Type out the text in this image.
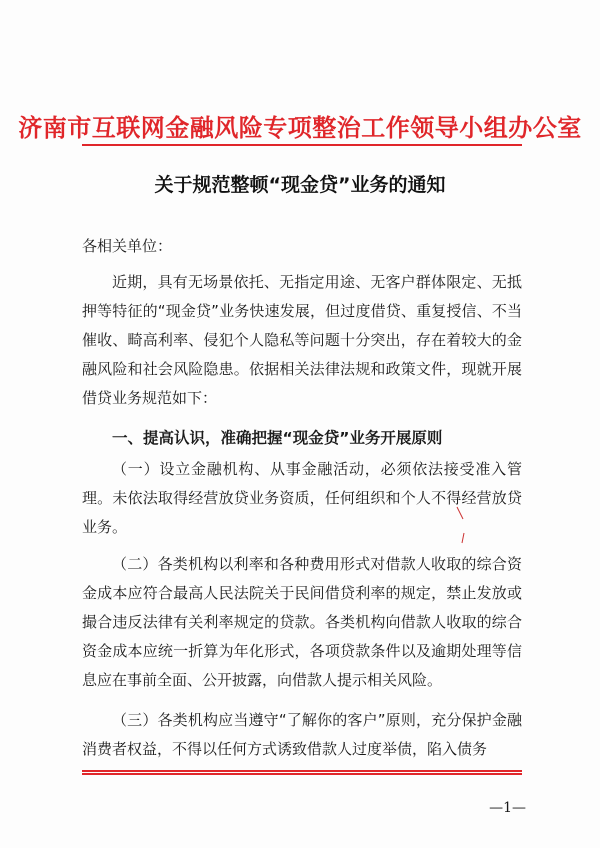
济南市互联网金融风险专项整治工作领导小组办公室
关于规范整顿“现金贷”业务的通知
各相关单位：
近期，具有无场景依托、无指定用途、无客户群体限定、无抵押等特征的“现金贷”业务快速发展，但过度借贷、重复授信、不当催收、畸高利率、侵犯个人隐私等问题十分突出，存在着较大的金融风险和社会风险隐患。依据相关法律法规和政策文件，现就开展借贷业务规范如下：
一、提高认识，准确把握“现金贷”业务开展原则
（一）设立金融机构、从事金融活动，必须依法接受准入管理。未依法取得经营放贷业务资质，任何组织和个人不得经营放贷业务。
（二）各类机构以利率和各种费用形式对借款人收取的综合资金成本应符合最高人民法院关于民间借贷利率的规定，禁止发放或撮合违反法律有关利率规定的贷款。各类机构向借款人收取的综合资金成本应统一折算为年化形式，各项贷款条件以及逾期处理等信息应在事前全面、公开披露，向借款人提示相关风险。
（三）各类机构应当遵守“了解你的客户”原则，充分保护金融消费者权益，不得以任何方式诱致借款人过度举债，陷入债务
—1—
